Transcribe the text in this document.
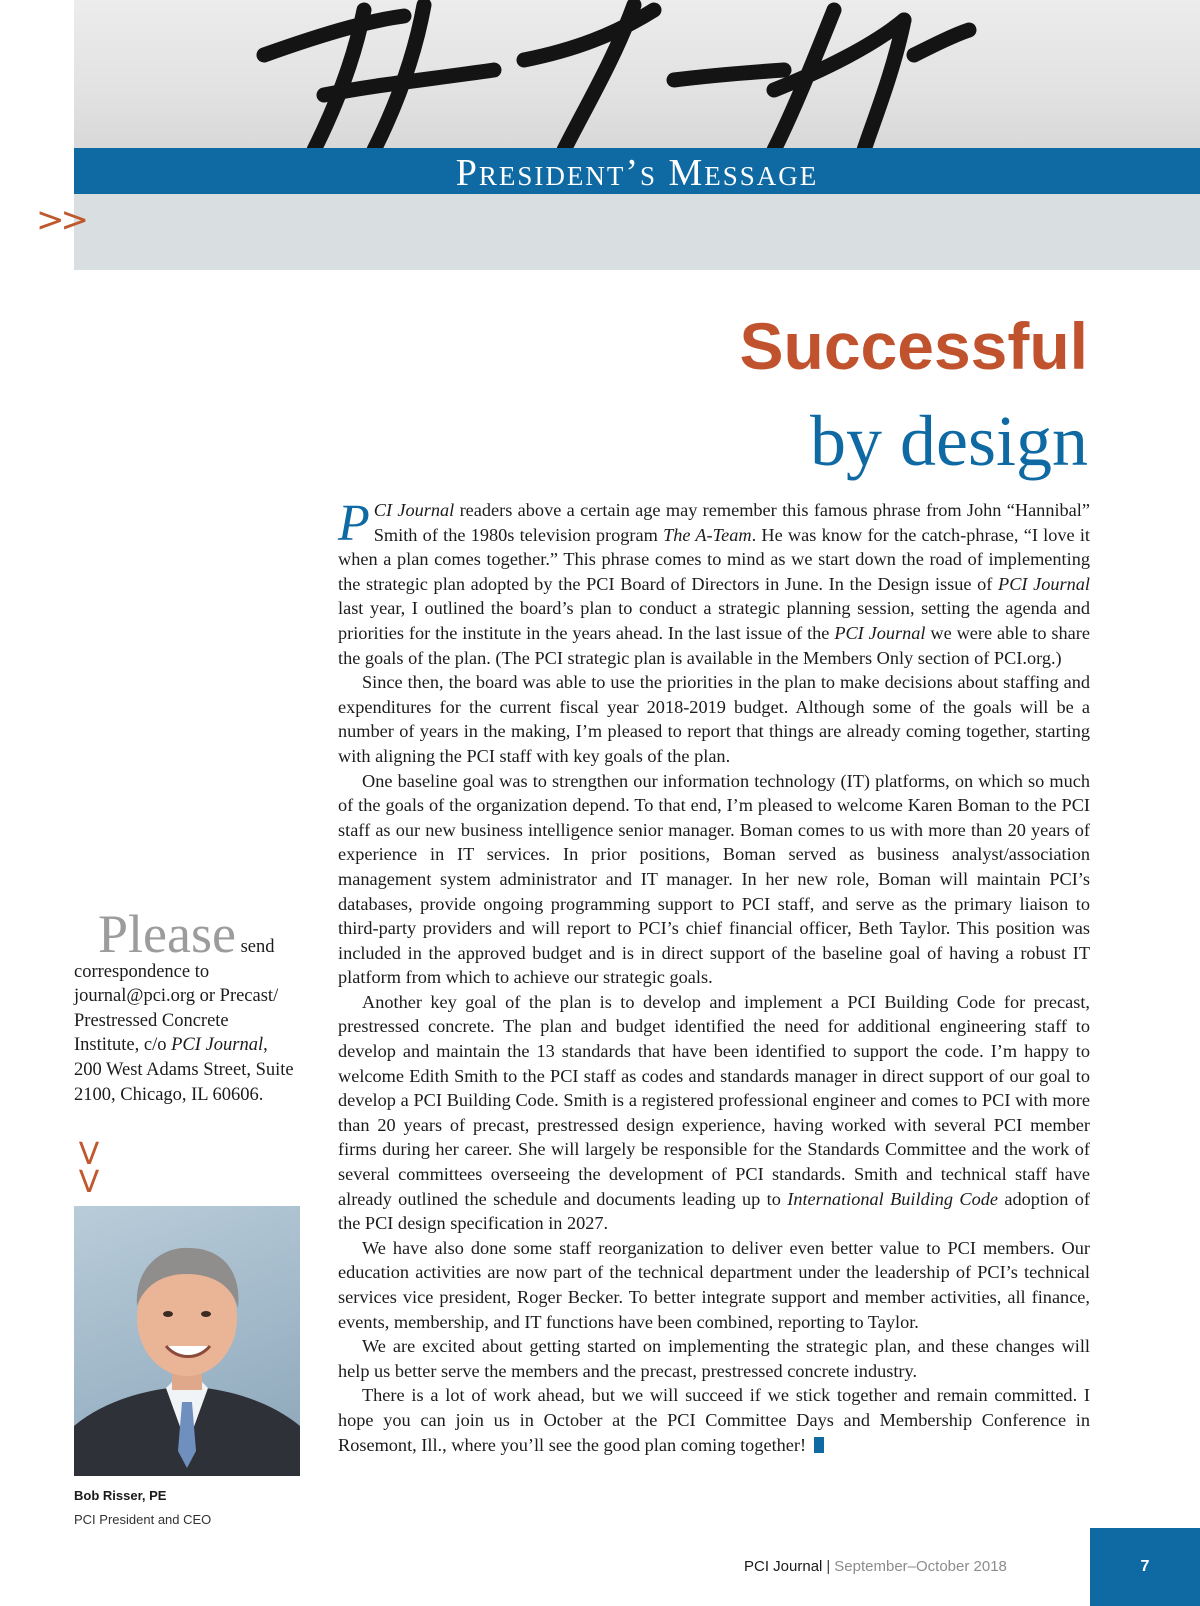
President’s Message
>>
Successful
by design

PCI Journal readers above a certain age may remember this famous phrase from John “Hannibal” Smith of the 1980s television program The A-Team. He was know for the catch-phrase, “I love it when a plan comes together.” This phrase comes to mind as we start down the road of implementing the strategic plan adopted by the PCI Board of Directors in June. In the Design issue of PCI Journal last year, I outlined the board’s plan to conduct a strategic planning session, setting the agenda and priorities for the institute in the years ahead. In the last issue of the PCI Journal we were able to share the goals of the plan. (The PCI strategic plan is available in the Members Only section of PCI.org.)

Since then, the board was able to use the priorities in the plan to make decisions about staffing and expenditures for the current fiscal year 2018-2019 budget. Although some of the goals will be a number of years in the making, I’m pleased to report that things are already coming together, starting with aligning the PCI staff with key goals of the plan.

One baseline goal was to strengthen our information technology (IT) platforms, on which so much of the goals of the organization depend. To that end, I’m pleased to welcome Karen Boman to the PCI staff as our new business intelligence senior manager. Boman comes to us with more than 20 years of experience in IT services. In prior positions, Boman served as business analyst/association management system administrator and IT manager. In her new role, Boman will maintain PCI’s databases, provide ongoing programming support to PCI staff, and serve as the primary liaison to third-party providers and will report to PCI’s chief financial officer, Beth Taylor. This position was included in the approved budget and is in direct support of the baseline goal of having a robust IT platform from which to achieve our strategic goals.

Another key goal of the plan is to develop and implement a PCI Building Code for precast, prestressed concrete. The plan and budget identified the need for additional engineering staff to develop and maintain the 13 standards that have been identified to support the code. I’m happy to welcome Edith Smith to the PCI staff as codes and standards manager in direct support of our goal to develop a PCI Building Code. Smith is a registered professional engineer and comes to PCI with more than 20 years of precast, prestressed design experience, having worked with several PCI member firms during her career. She will largely be responsible for the Standards Committee and the work of several committees overseeing the development of PCI standards. Smith and technical staff have already outlined the schedule and documents leading up to International Building Code adoption of the PCI design specification in 2027.

We have also done some staff reorganization to deliver even better value to PCI members. Our education activities are now part of the technical department under the leadership of PCI’s technical services vice president, Roger Becker. To better integrate support and member activities, all finance, events, membership, and IT functions have been combined, reporting to Taylor.

We are excited about getting started on implementing the strategic plan, and these changes will help us better serve the members and the precast, prestressed concrete industry.

There is a lot of work ahead, but we will succeed if we stick together and remain committed. I hope you can join us in October at the PCI Committee Days and Membership Conference in Rosemont, Ill., where you’ll see the good plan coming together!

Please send
correspondence to journal@pci.org or Precast/ Prestressed Concrete Institute, c/o PCI Journal, 200 West Adams Street, Suite 2100, Chicago, IL 60606.
V
V
Bob Risser, PE
PCI President and CEO
PCI Journal | September–October 2018	7
